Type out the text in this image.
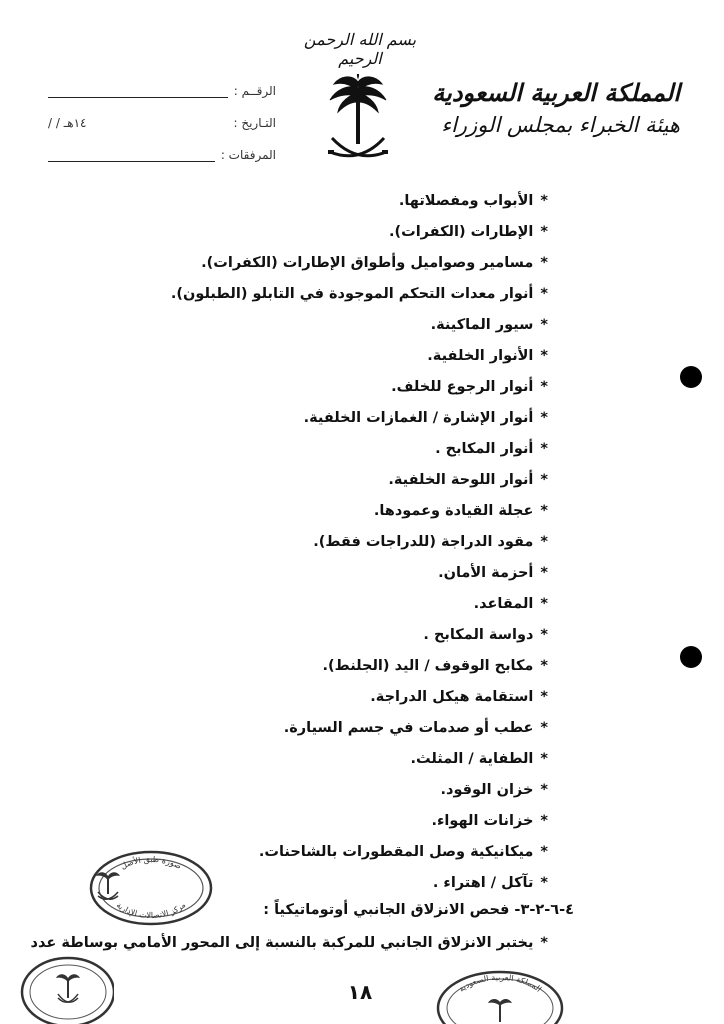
بسم الله الرحمن الرحيم
المملكة العربية السعودية
هيئة الخبراء بمجلس الوزراء
الرقــم :
التـاريخ :
/ / ١٤هـ
المرفقات :
*الأبواب ومفصلاتها.
*الإطارات (الكفرات).
*مسامير وصواميل وأطواق الإطارات (الكفرات).
*أنوار معدات التحكم الموجودة في التابلو (الطبلون).
*سيور الماكينة.
*الأنوار الخلفية.
*أنوار الرجوع للخلف.
*أنوار الإشارة / الغمازات الخلفية.
*أنوار المكابح .
*أنوار اللوحة الخلفية.
*عجلة القيادة وعمودها.
*مقود الدراجة (للدراجات فقط).
*أحزمة الأمان.
*المقاعد.
*دواسة المكابح .
*مكابح الوقوف / اليد (الجلنط).
*استقامة هيكل الدراجة.
*عطب أو صدمات في جسم السيارة.
*الطفاية / المثلث.
*خزان الوقود.
*خزانات الهواء.
*ميكانيكية وصل المقطورات بالشاحنات.
*تآكل / اهتراء .
٤-٦-٢-٣- فحص الانزلاق الجانبي أوتوماتيكياً :
*يختبر الانزلاق الجانبي للمركبة بالنسبة إلى المحور الأمامي بوساطة عدد
١٨
صورة طبق الأصل
مركز الاتصالات الإدارية
المملكة العربية السعودية
